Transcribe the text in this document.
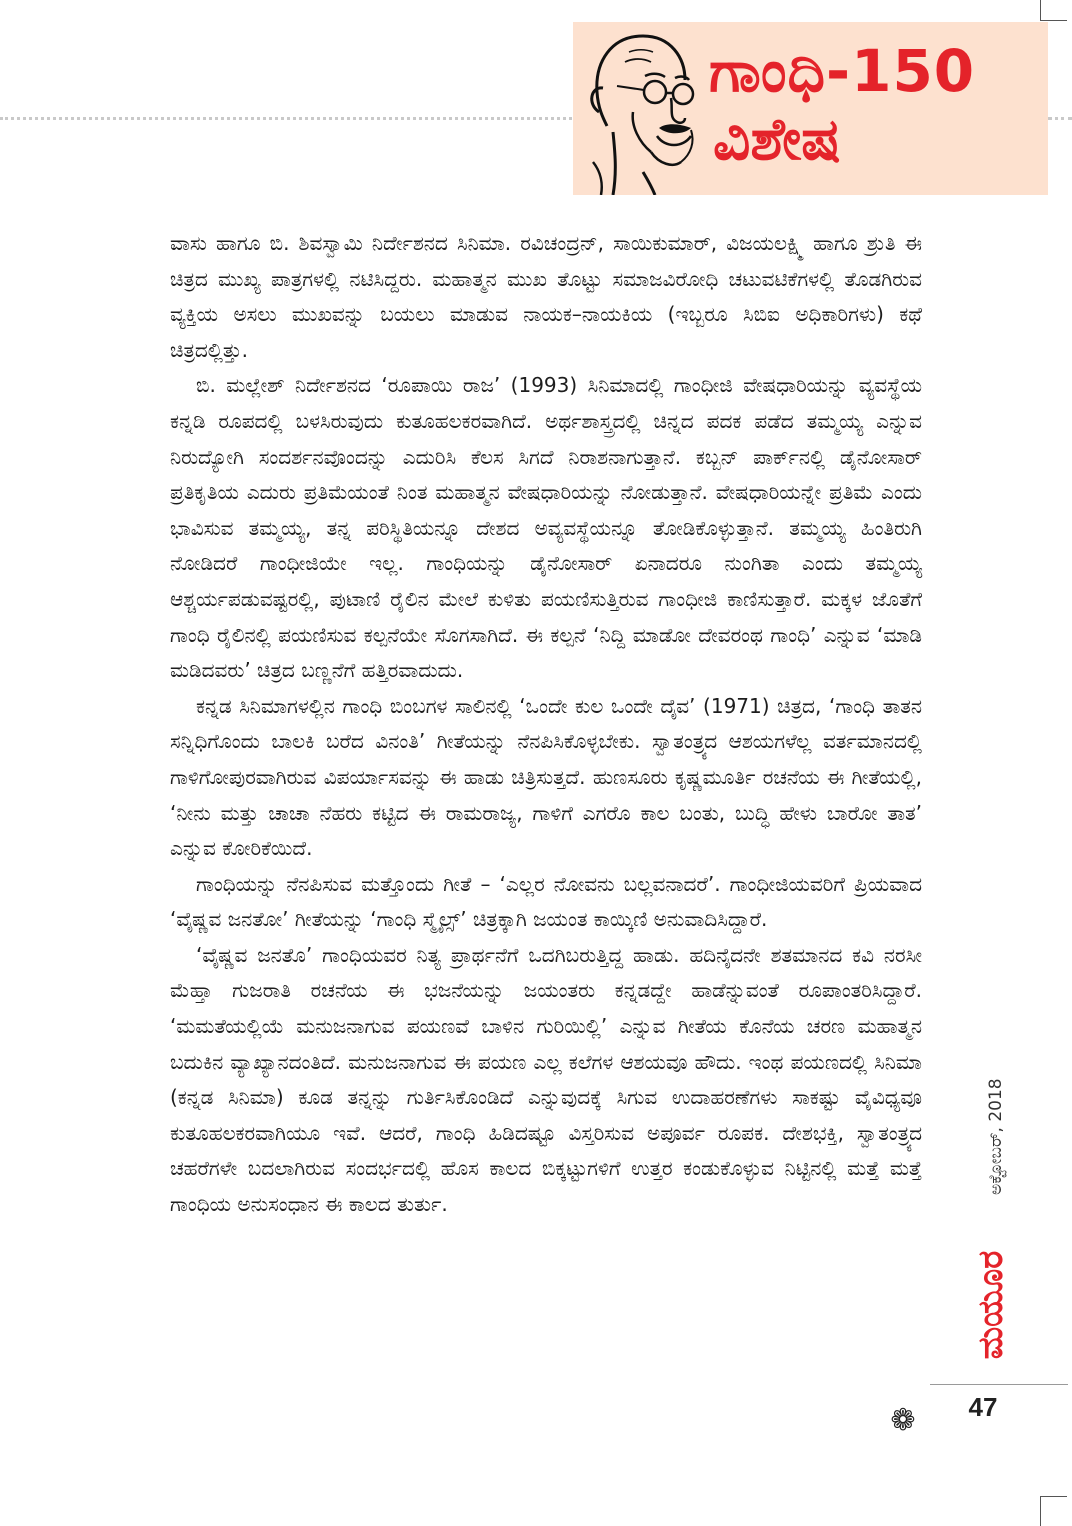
ಗಾಂಧಿ-150
ವಿಶೇಷ

ವಾಸು ಹಾಗೂ ಬಿ. ಶಿವಸ್ವಾಮಿ ನಿರ್ದೇಶನದ ಸಿನಿಮಾ. ರವಿಚಂದ್ರನ್, ಸಾಯಿಕುಮಾರ್, ವಿಜಯಲಕ್ಷ್ಮಿ ಹಾಗೂ ಶ್ರುತಿ ಈ ಚಿತ್ರದ ಮುಖ್ಯ ಪಾತ್ರಗಳಲ್ಲಿ ನಟಿಸಿದ್ದರು. ಮಹಾತ್ಮನ ಮುಖ ತೊಟ್ಟು ಸಮಾಜವಿರೋಧಿ ಚಟುವಟಿಕೆಗಳಲ್ಲಿ ತೊಡಗಿರುವ ವ್ಯಕ್ತಿಯ ಅಸಲು ಮುಖವನ್ನು ಬಯಲು ಮಾಡುವ ನಾಯಕ–ನಾಯಕಿಯ (ಇಬ್ಬರೂ ಸಿಬಿಐ ಅಧಿಕಾರಿಗಳು) ಕಥೆ ಚಿತ್ರದಲ್ಲಿತ್ತು.

ಬಿ. ಮಲ್ಲೇಶ್ ನಿರ್ದೇಶನದ ‘ರೂಪಾಯಿ ರಾಜ’ (1993) ಸಿನಿಮಾದಲ್ಲಿ ಗಾಂಧೀಜಿ ವೇಷಧಾರಿಯನ್ನು ವ್ಯವಸ್ಥೆಯ ಕನ್ನಡಿ ರೂಪದಲ್ಲಿ ಬಳಸಿರುವುದು ಕುತೂಹಲಕರವಾಗಿದೆ. ಅರ್ಥಶಾಸ್ತ್ರದಲ್ಲಿ ಚಿನ್ನದ ಪದಕ ಪಡೆದ ತಮ್ಮಯ್ಯ ಎನ್ನುವ ನಿರುದ್ಯೋಗಿ ಸಂದರ್ಶನವೊಂದನ್ನು ಎದುರಿಸಿ ಕೆಲಸ ಸಿಗದೆ ನಿರಾಶನಾಗುತ್ತಾನೆ. ಕಬ್ಬನ್ ಪಾರ್ಕ್‌ನಲ್ಲಿ ಡೈನೋಸಾರ್ ಪ್ರತಿಕೃತಿಯ ಎದುರು ಪ್ರತಿಮೆಯಂತೆ ನಿಂತ ಮಹಾತ್ಮನ ವೇಷಧಾರಿಯನ್ನು ನೋಡುತ್ತಾನೆ. ವೇಷಧಾರಿಯನ್ನೇ ಪ್ರತಿಮೆ ಎಂದು ಭಾವಿಸುವ ತಮ್ಮಯ್ಯ, ತನ್ನ ಪರಿಸ್ಥಿತಿಯನ್ನೂ ದೇಶದ ಅವ್ಯವಸ್ಥೆಯನ್ನೂ ತೋಡಿಕೊಳ್ಳುತ್ತಾನೆ. ತಮ್ಮಯ್ಯ ಹಿಂತಿರುಗಿ ನೋಡಿದರೆ ಗಾಂಧೀಜಿಯೇ ಇಲ್ಲ. ಗಾಂಧಿಯನ್ನು ಡೈನೋಸಾರ್ ಏನಾದರೂ ನುಂಗಿತಾ ಎಂದು ತಮ್ಮಯ್ಯ ಆಶ್ಚರ್ಯಪಡುವಷ್ಟರಲ್ಲಿ, ಪುಟಾಣಿ ರೈಲಿನ ಮೇಲೆ ಕುಳಿತು ಪಯಣಿಸುತ್ತಿರುವ ಗಾಂಧೀಜಿ ಕಾಣಿಸುತ್ತಾರೆ. ಮಕ್ಕಳ ಜೊತೆಗೆ ಗಾಂಧಿ ರೈಲಿನಲ್ಲಿ ಪಯಣಿಸುವ ಕಲ್ಪನೆಯೇ ಸೊಗಸಾಗಿದೆ. ಈ ಕಲ್ಪನೆ ‘ನಿದ್ದಿ ಮಾಡೋ ದೇವರಂಥ ಗಾಂಧಿ’ ಎನ್ನುವ ‘ಮಾಡಿ ಮಡಿದವರು’ ಚಿತ್ರದ ಬಣ್ಣನೆಗೆ ಹತ್ತಿರವಾದುದು.

ಕನ್ನಡ ಸಿನಿಮಾಗಳಲ್ಲಿನ ಗಾಂಧಿ ಬಿಂಬಗಳ ಸಾಲಿನಲ್ಲಿ ‘ಒಂದೇ ಕುಲ ಒಂದೇ ದೈವ’ (1971) ಚಿತ್ರದ, ‘ಗಾಂಧಿ ತಾತನ ಸನ್ನಿಧಿಗೊಂದು ಬಾಲಕಿ ಬರೆದ ವಿನಂತಿ’ ಗೀತೆಯನ್ನು ನೆನಪಿಸಿಕೊಳ್ಳಬೇಕು. ಸ್ವಾತಂತ್ರ್ಯದ ಆಶಯಗಳೆಲ್ಲ ವರ್ತಮಾನದಲ್ಲಿ ಗಾಳಿಗೋಪುರವಾಗಿರುವ ವಿಪರ್ಯಾಸವನ್ನು ಈ ಹಾಡು ಚಿತ್ರಿಸುತ್ತದೆ. ಹುಣಸೂರು ಕೃಷ್ಣಮೂರ್ತಿ ರಚನೆಯ ಈ ಗೀತೆಯಲ್ಲಿ, ‘ನೀನು ಮತ್ತು ಚಾಚಾ ನೆಹರು ಕಟ್ಟಿದ ಈ ರಾಮರಾಜ್ಯ, ಗಾಳಿಗೆ ಎಗರೊ ಕಾಲ ಬಂತು, ಬುದ್ಧಿ ಹೇಳು ಬಾರೋ ತಾತ’ ಎನ್ನುವ ಕೋರಿಕೆಯಿದೆ.

ಗಾಂಧಿಯನ್ನು ನೆನಪಿಸುವ ಮತ್ತೊಂದು ಗೀತೆ – ‘ಎಲ್ಲರ ನೋವನು ಬಲ್ಲವನಾದರೆ’. ಗಾಂಧೀಜಿಯವರಿಗೆ ಪ್ರಿಯವಾದ ‘ವೈಷ್ಣವ ಜನತೋ’ ಗೀತೆಯನ್ನು ‘ಗಾಂಧಿ ಸ್ಮೈಲ್ಸ್’ ಚಿತ್ರಕ್ಕಾಗಿ ಜಯಂತ ಕಾಯ್ಕಿಣಿ ಅನುವಾದಿಸಿದ್ದಾರೆ.

‘ವೈಷ್ಣವ ಜನತೊ’ ಗಾಂಧಿಯವರ ನಿತ್ಯ ಪ್ರಾರ್ಥನೆಗೆ ಒದಗಿಬರುತ್ತಿದ್ದ ಹಾಡು. ಹದಿನೈದನೇ ಶತಮಾನದ ಕವಿ ನರಸೀ ಮೆಹ್ತಾ ಗುಜರಾತಿ ರಚನೆಯ ಈ ಭಜನೆಯನ್ನು ಜಯಂತರು ಕನ್ನಡದ್ದೇ ಹಾಡೆನ್ನುವಂತೆ ರೂಪಾಂತರಿಸಿದ್ದಾರೆ. ‘ಮಮತೆಯಲ್ಲಿಯೆ ಮನುಜನಾಗುವ ಪಯಣವೆ ಬಾಳಿನ ಗುರಿಯಿಲ್ಲಿ’ ಎನ್ನುವ ಗೀತೆಯ ಕೊನೆಯ ಚರಣ ಮಹಾತ್ಮನ ಬದುಕಿನ ವ್ಯಾಖ್ಯಾನದಂತಿದೆ. ಮನುಜನಾಗುವ ಈ ಪಯಣ ಎಲ್ಲ ಕಲೆಗಳ ಆಶಯವೂ ಹೌದು. ಇಂಥ ಪಯಣದಲ್ಲಿ ಸಿನಿಮಾ (ಕನ್ನಡ ಸಿನಿಮಾ) ಕೂಡ ತನ್ನನ್ನು ಗುರ್ತಿಸಿಕೊಂಡಿದೆ ಎನ್ನುವುದಕ್ಕೆ ಸಿಗುವ ಉದಾಹರಣೆಗಳು ಸಾಕಷ್ಟು ವೈವಿಧ್ಯವೂ ಕುತೂಹಲಕರವಾಗಿಯೂ ಇವೆ. ಆದರೆ, ಗಾಂಧಿ ಹಿಡಿದಷ್ಟೂ ವಿಸ್ತರಿಸುವ ಅಪೂರ್ವ ರೂಪಕ. ದೇಶಭಕ್ತಿ, ಸ್ವಾತಂತ್ರ್ಯದ ಚಹರೆಗಳೇ ಬದಲಾಗಿರುವ ಸಂದರ್ಭದಲ್ಲಿ ಹೊಸ ಕಾಲದ ಬಿಕ್ಕಟ್ಟುಗಳಿಗೆ ಉತ್ತರ ಕಂಡುಕೊಳ್ಳುವ ನಿಟ್ಟಿನಲ್ಲಿ ಮತ್ತೆ ಮತ್ತೆ ಗಾಂಧಿಯ ಅನುಸಂಧಾನ ಈ ಕಾಲದ ತುರ್ತು.

ಮಯೂರ
ಅಕ್ಟೋಬರ್, 2018
47
❁
